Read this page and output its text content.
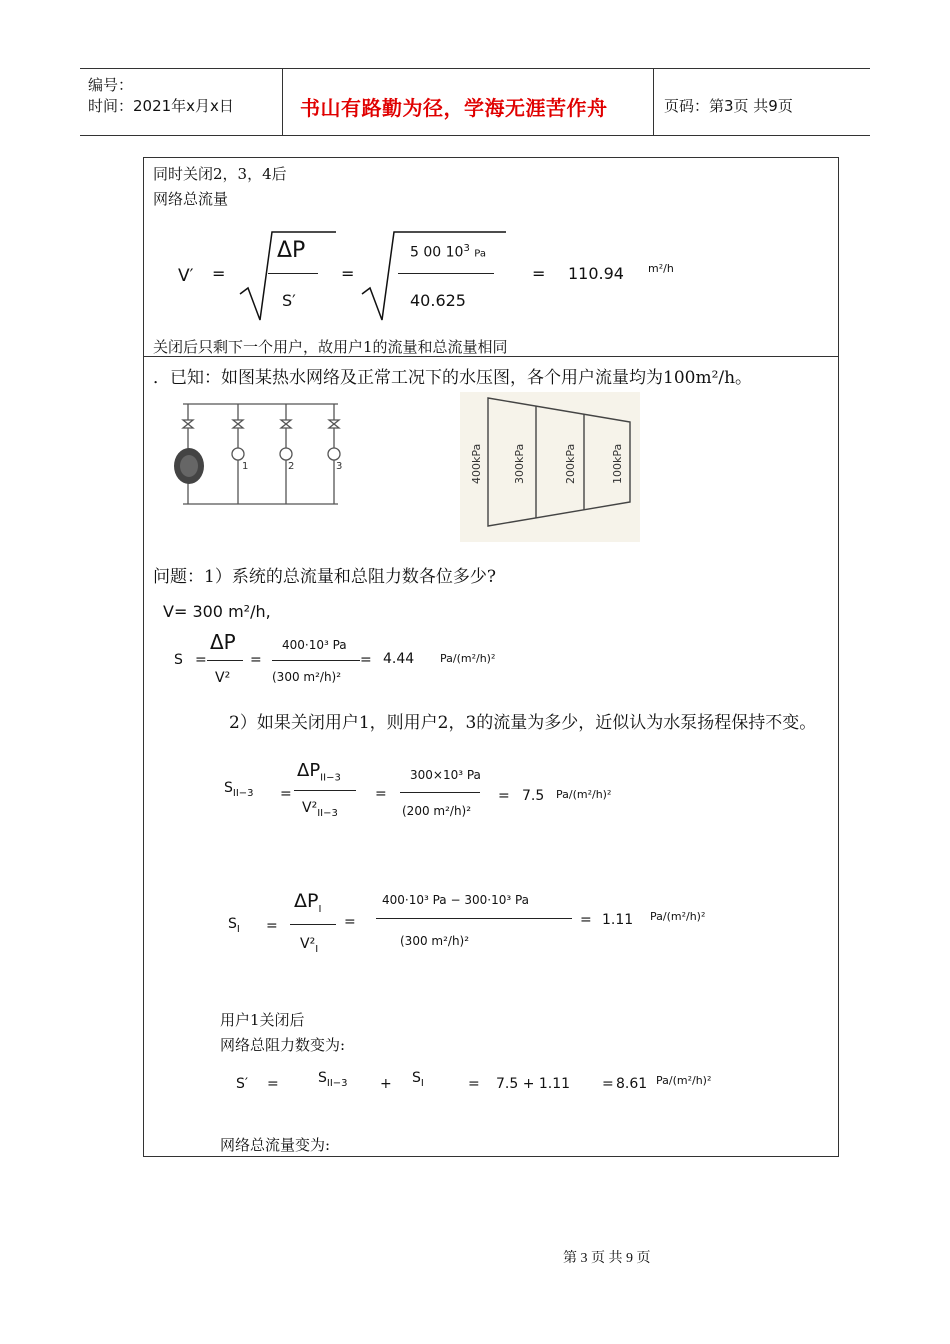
编号：
时间：2021年x月x日	书山有路勤为径，学海无涯苦作舟	页码：第3页 共9页
同时关闭2，3，4后
网络总流量
V′ =
ΔP
S′
=
5 00 $10^3$ Pa
40.625
= 110.94 m²/h
关闭后只剩下一个用户，故用户1的流量和总流量相同
．已知：如图某热水网络及正常工况下的水压图，各个用户流量均为100m²/h。
1	2	3	400kPa	300kPa	200kPa	100kPa
问题：1）系统的总流量和总阻力数各位多少?
V= 300 m²/h,
S =
ΔP
V²
=
400·10³ Pa
(300 m²/h)²
= 4.44 Pa/(m²/h)²
2）如果关闭用户1，则用户2，3的流量为多少，近似认为水泵扬程保持不变。
$S_{II-3}$ =
$\Delta P_{II-3}$
$V^2_{II-3}$
=
300×10³ Pa
(200 m²/h)²
= 7.5 Pa/(m²/h)²
$S_I$ =
$\Delta P_I$
$V^2_I$
=
400·10³ Pa − 300·10³ Pa
(300 m²/h)²
= 1.11 Pa/(m²/h)²
用户1关闭后
网络总阻力数变为:
S′ =	$S_{II-3} + S_I$	= 7.5 + 1.11 = 8.61 Pa/(m²/h)²
网络总流量变为:
第 3 页 共 9 页
